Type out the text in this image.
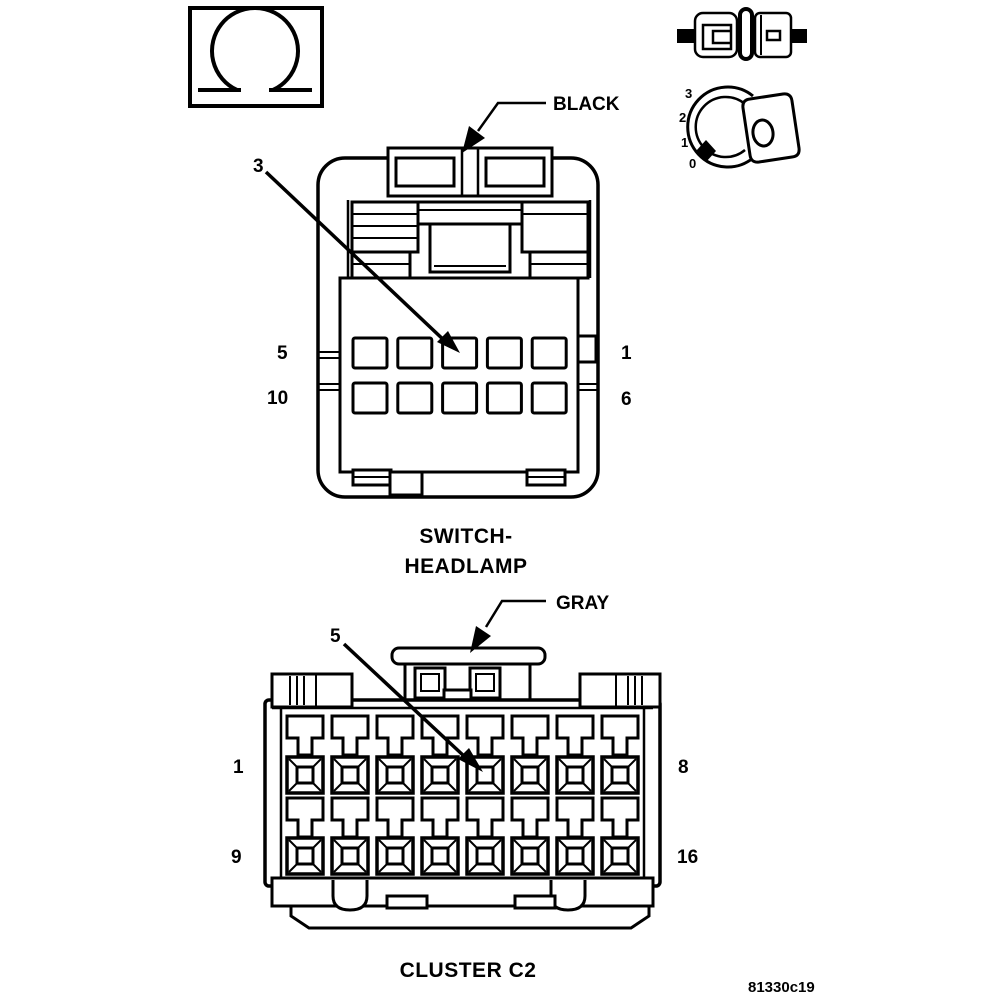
BLACK
3
5
10
1
6
SWITCH-
HEADLAMP
GRAY
5
1
9
8
16
CLUSTER C2
3
2
1
0
81330c19
